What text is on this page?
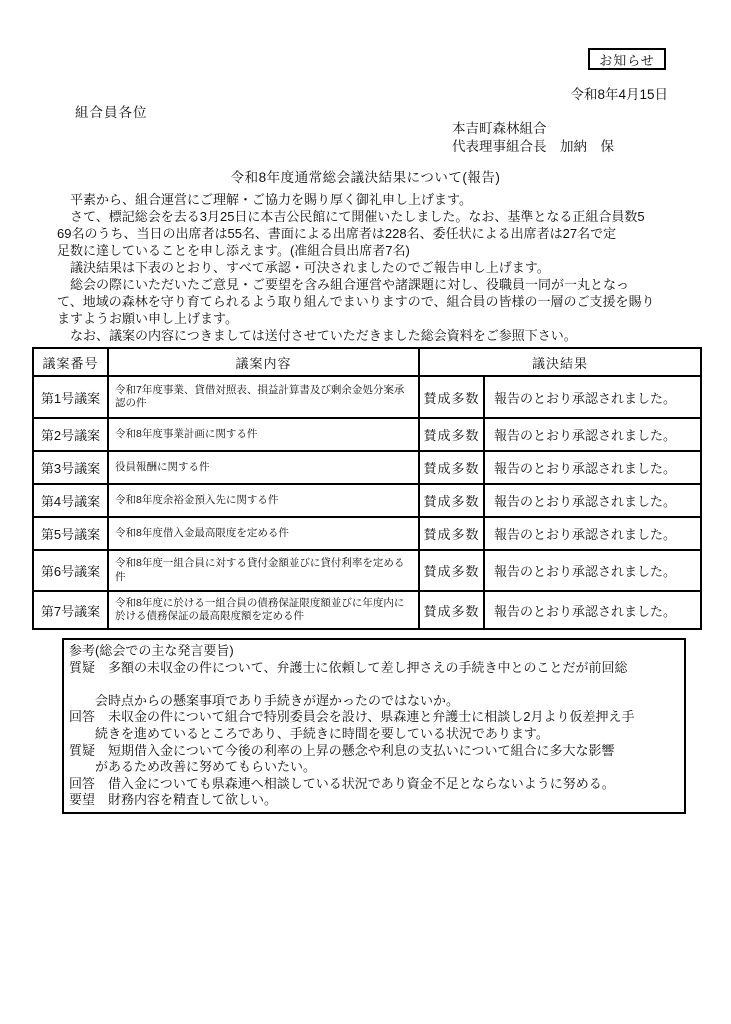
お知らせ
令和8年4月15日
組合員各位
本吉町森林組合
代表理事組合長　加納　保
令和8年度通常総会議決結果について(報告)
　平素から、組合運営にご理解・ご協力を賜り厚く御礼申し上げます。
　さて、標記総会を去る3月25日に本吉公民館にて開催いたしました。なお、基準となる正組合員数5
69名のうち、当日の出席者は55名、書面による出席者は228名、委任状による出席者は27名で定
足数に達していることを申し添えます。(准組合員出席者7名)
　議決結果は下表のとおり、すべて承認・可決されましたのでご報告申し上げます。
　総会の際にいただいたご意見・ご要望を含み組合運営や諸課題に対し、役職員一同が一丸となっ
て、地域の森林を守り育てられるよう取り組んでまいりますので、組合員の皆様の一層のご支援を賜り
ますようお願い申し上げます。
　なお、議案の内容につきましては送付させていただきました総会資料をご参照下さい。
議案番号	議案内容	議決結果	
第1号議案	令和7年度事業、貸借対照表、損益計算書及び剰余金処分案承認の件	賛成多数	報告のとおり承認されました。
第2号議案	令和8年度事業計画に関する件	賛成多数	報告のとおり承認されました。
第3号議案	役員報酬に関する件	賛成多数	報告のとおり承認されました。
第4号議案	令和8年度余裕金預入先に関する件	賛成多数	報告のとおり承認されました。
第5号議案	令和8年度借入金最高限度を定める件	賛成多数	報告のとおり承認されました。
第6号議案	令和8年度一組合員に対する貸付金額並びに貸付利率を定める件	賛成多数	報告のとおり承認されました。
第7号議案	令和8年度に於ける一組合員の債務保証限度額並びに年度内に於ける債務保証の最高限度額を定める件	賛成多数	報告のとおり承認されました。
参考(総会での主な発言要旨)
質疑　多額の未収金の件について、弁護士に依頼して差し押さえの手続き中とのことだが前回総
　　会時点からの懸案事項であり手続きが遅かったのではないか。
回答　未収金の件について組合で特別委員会を設け、県森連と弁護士に相談し2月より仮差押え手
　　続きを進めているところであり、手続きに時間を要している状況であります。
質疑　短期借入金について今後の利率の上昇の懸念や利息の支払いについて組合に多大な影響
　　があるため改善に努めてもらいたい。
回答　借入金についても県森連へ相談している状況であり資金不足とならないように努める。
要望　財務内容を精査して欲しい。
